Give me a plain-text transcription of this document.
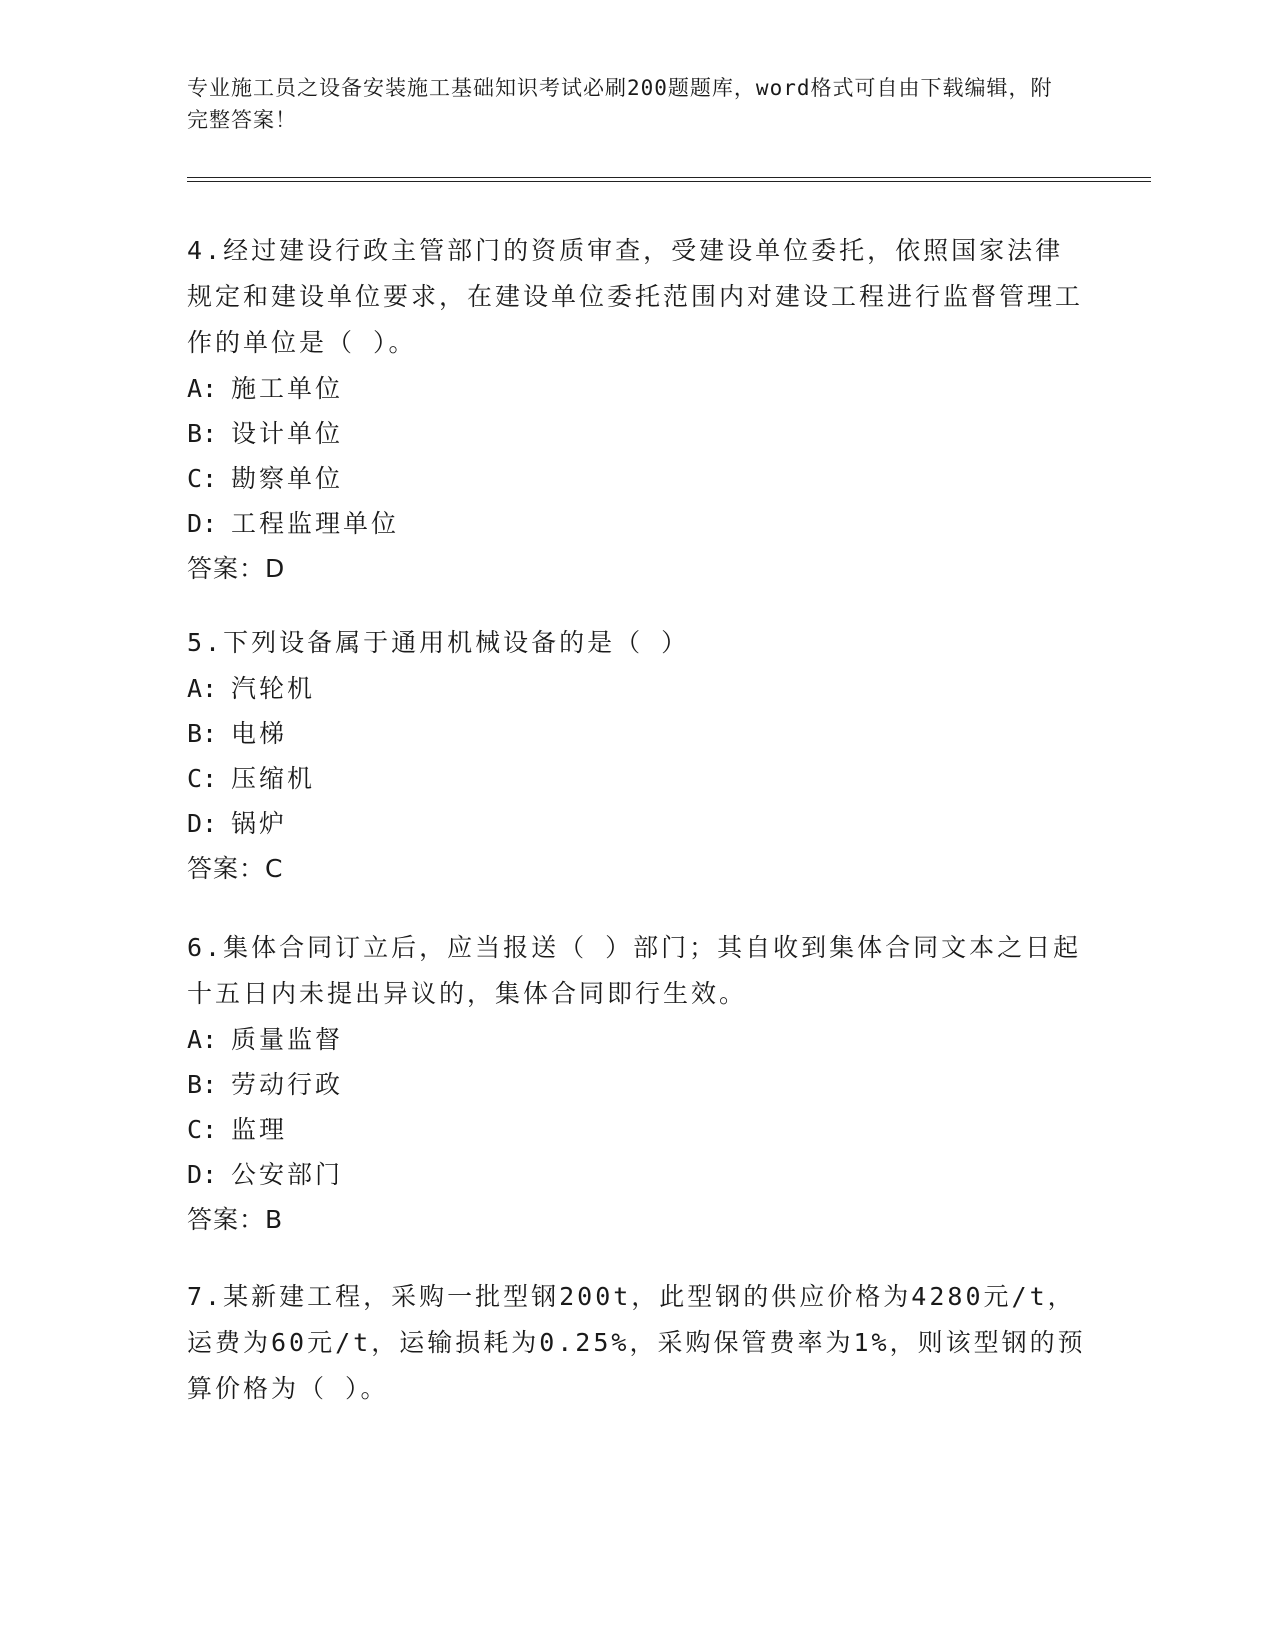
专业施工员之设备安装施工基础知识考试必刷200题题库，word格式可自由下载编辑，附完整答案！

4.经过建设行政主管部门的资质审查，受建设单位委托，依照国家法律规定和建设单位要求，在建设单位委托范围内对建设工程进行监督管理工作的单位是（ ）。

A: 施工单位
B: 设计单位
C: 勘察单位
D: 工程监理单位
答案：D

5.下列设备属于通用机械设备的是（ ）

A: 汽轮机
B: 电梯
C: 压缩机
D: 锅炉
答案：C

6.集体合同订立后，应当报送（ ）部门；其自收到集体合同文本之日起十五日内未提出异议的，集体合同即行生效。

A: 质量监督
B: 劳动行政
C: 监理
D: 公安部门
答案：B

7.某新建工程，采购一批型钢200t，此型钢的供应价格为4280元/t，运费为60元/t，运输损耗为0.25%，采购保管费率为1%，则该型钢的预算价格为（ ）。
